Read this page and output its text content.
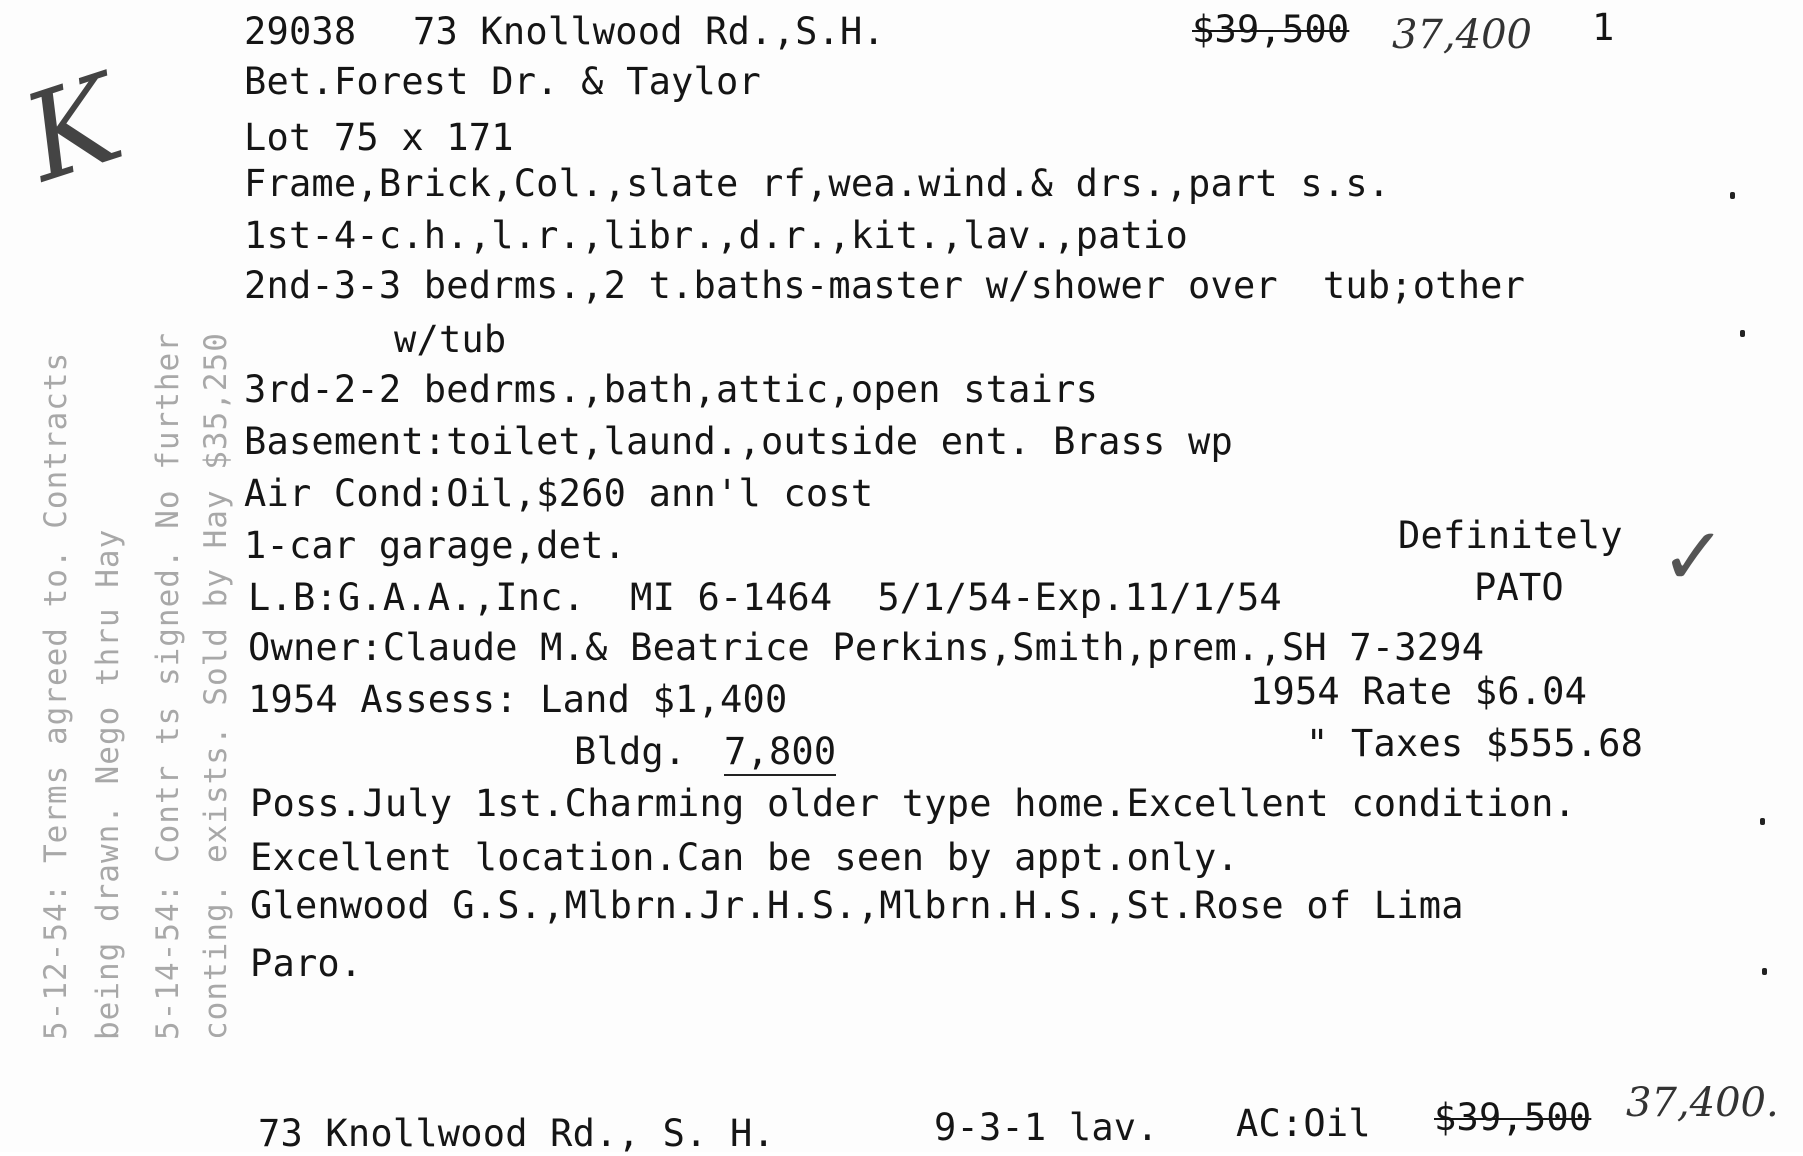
29038 73 Knollwood Rd.,S.H.	$39,500 37,400 1
Bet.Forest Dr. & Taylor
Lot 75 x 171
Frame,Brick,Col.,slate rf,wea.wind.& drs.,part s.s.
1st-4-c.h.,l.r.,libr.,d.r.,kit.,lav.,patio
2nd-3-3 bedrms.,2 t.baths-master w/shower over  tub;other
w/tub
3rd-2-2 bedrms.,bath,attic,open stairs
Basement:toilet,laund.,outside ent. Brass wp
Air Cond:Oil,$260 ann'l cost
1-car garage,det.	Definitely
L.B:G.A.A.,Inc.  MI 6-1464  5/1/54-Exp.11/1/54	PATO
Owner:Claude M.& Beatrice Perkins,Smith,prem.,SH 7-3294
1954 Assess: Land $1,400	1954 Rate $6.04
Bldg. 7,800	" Taxes $555.68
Poss.July 1st.Charming older type home.Excellent condition.
Excellent location.Can be seen by appt.only.
Glenwood G.S.,Mlbrn.Jr.H.S.,Mlbrn.H.S.,St.Rose of Lima
Paro.
K
✓
5-12-54: Terms agreed to. Contracts being drawn. Nego thru Hay 5-14-54: Contr ts signed. No further conting. exists. Sold by Hay $35,250
73 Knollwood Rd., S. H.	9-3-1 lav. AC:Oil $39,500 37,400.
